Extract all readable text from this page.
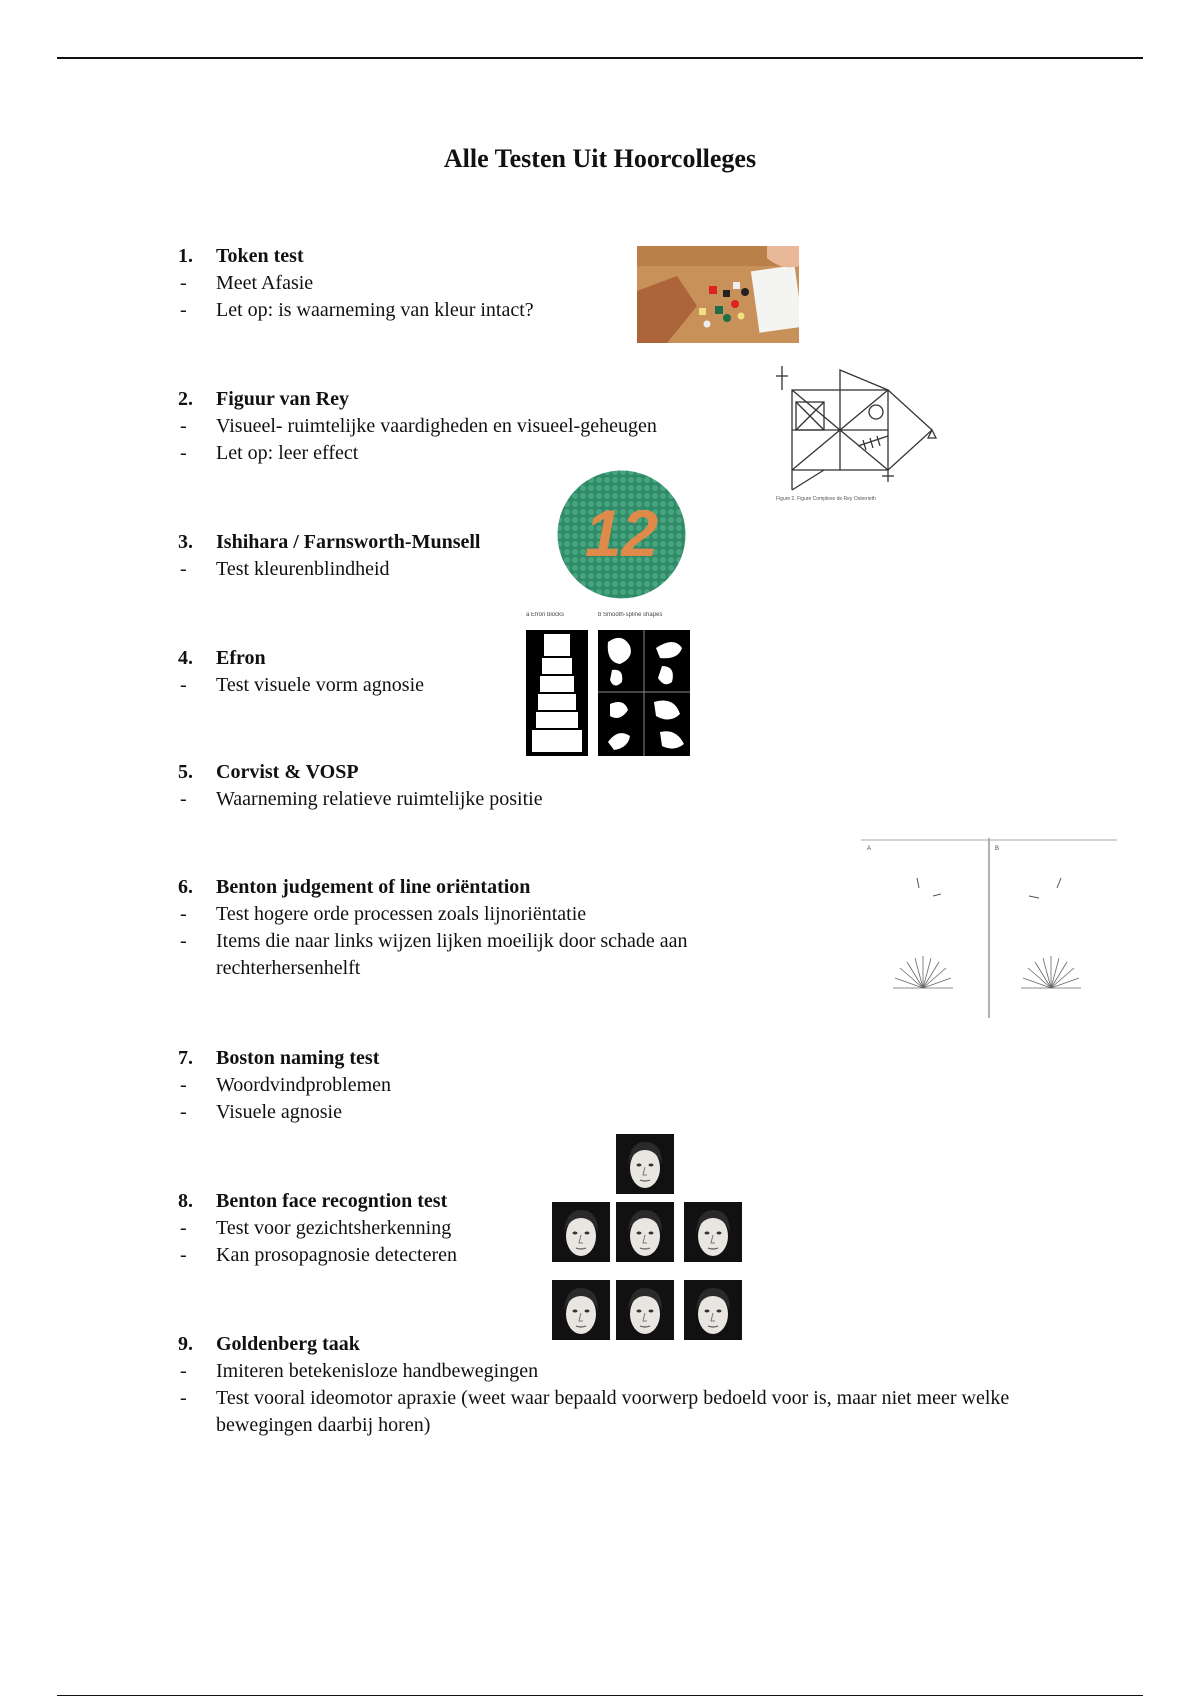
Alle Testen Uit Hoorcolleges
1.	Token test
-	Meet Afasie
-	Let op: is waarneming van kleur intact?
2.	Figuur van Rey
-	Visueel- ruimtelijke vaardigheden en visueel-geheugen
-	Let op: leer effect
3.	Ishihara / Farnsworth-Munsell
-	Test kleurenblindheid
4.	Efron
-	Test visuele vorm agnosie
5.	Corvist & VOSP
-	Waarneming relatieve ruimtelijke positie
6.	Benton judgement of line oriëntation
-	Test hogere orde processen zoals lijnoriëntatie
-	Items die naar links wijzen lijken moeilijk door schade aan rechterhersenhelft
7.	Boston naming test
-	Woordvindproblemen
-	Visuele agnosie
8.	Benton face recogntion test
-	Test voor gezichtsherkenning
-	Kan prosopagnosie detecteren
9.	Goldenberg taak
-	Imiteren betekenisloze handbewegingen
-	Test vooral ideomotor apraxie (weet waar bepaald voorwerp bedoeld voor is, maar niet meer welke bewegingen daarbij horen)
Figure 2. Figure Complexe de Rey Osterrieth
12
a Efron blocks	b Smooth-spline shapes
A	B
